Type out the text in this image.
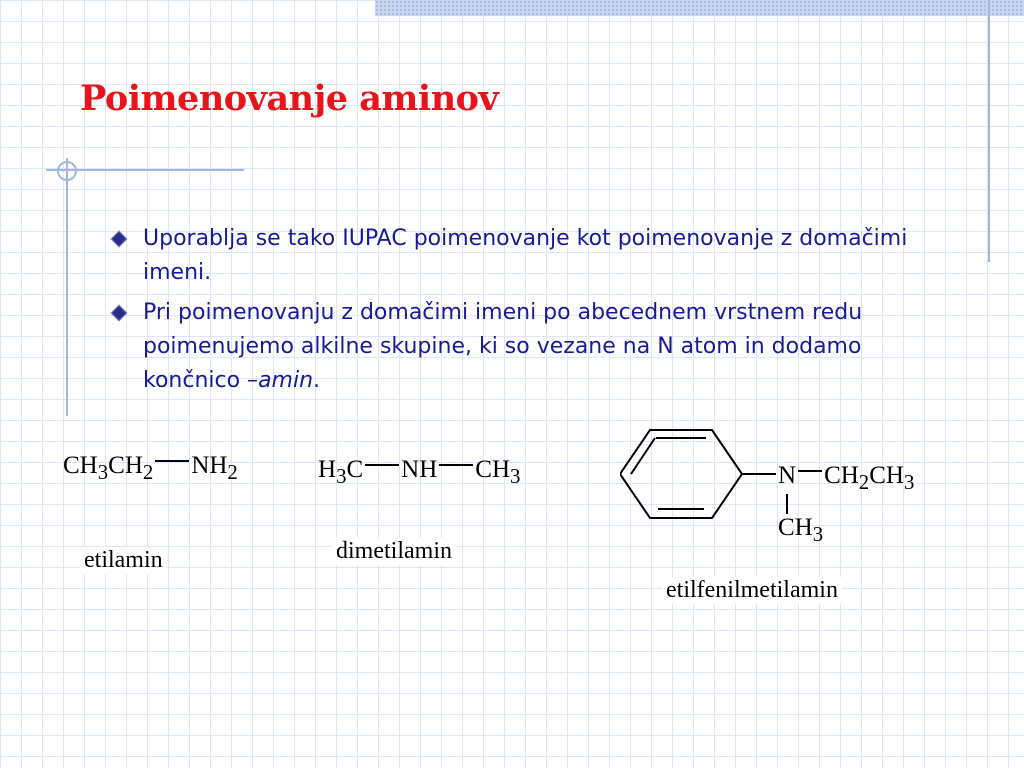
Poimenovanje aminov
Uporablja se tako IUPAC poimenovanje kot poimenovanje z domačimi imeni.
Pri poimenovanju z domačimi imeni po abecednem vrstnem redu poimenujemo alkilne skupine, ki so vezane na N atom in dodamo končnico –amin.
$CH_3CH_2$ $NH_2$
etilamin
$H_3C$ NH $CH_3$
dimetilamin
N $CH_2CH_3$
$CH_3$
etilfenilmetilamin
